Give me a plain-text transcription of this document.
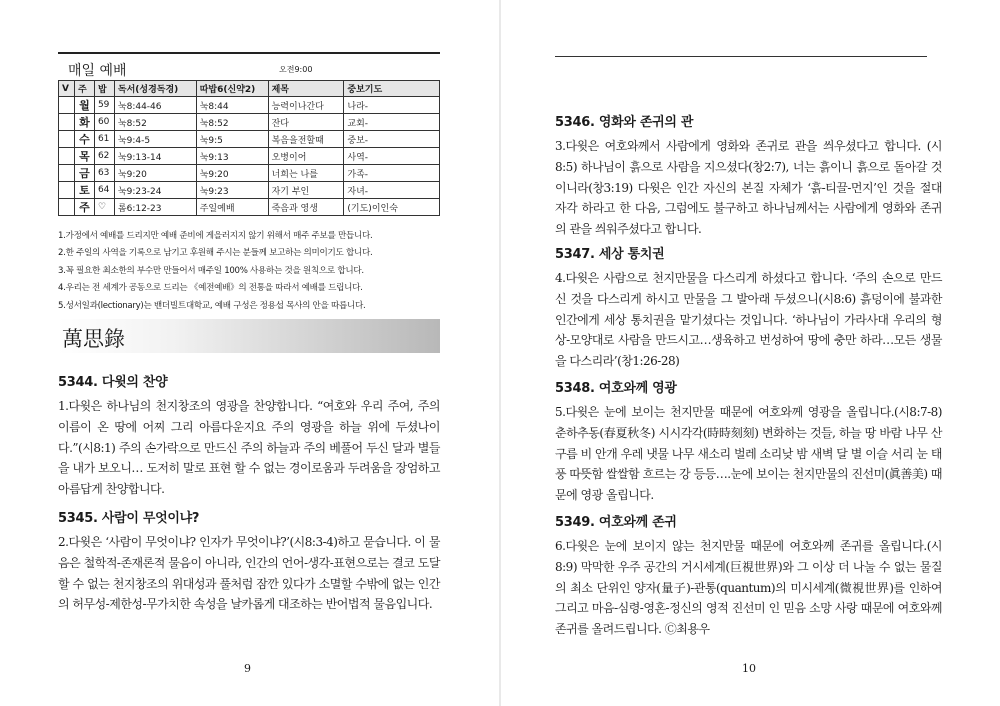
매일 예배	오전9:00
V	주	밥	독서(성경독경)	따밥6(신약2)	제목	중보기도
	월	59	눅8:44-46	눅8:44	능력이나간다	나라-
	화	60	눅8:52	눅8:52	잔다	교회-
	수	61	눅9:4-5	눅9:5	복음을전할때	중보-
	목	62	눅9:13-14	눅9:13	오병이어	사역-
	금	63	눅9:20	눅9:20	너희는 나를	가족-
	토	64	눅9:23-24	눅9:23	자기 부인	자녀-
	주	♡	롬6:12-23	주일예배	죽음과 영생	(기도)이인숙
1.가정에서 예배를 드리지만 예배 준비에 게을러지지 않기 위해서 매주 주보를 만듭니다.
2.한 주일의 사역을 기록으로 남기고 후원해 주시는 분들께 보고하는 의미이기도 합니다.
3.꼭 필요한 최소한의 부수만 만들어서 매주일 100% 사용하는 것을 원칙으로 합니다.
4.우리는 전 세계가 공동으로 드리는 《예전예배》의 전통을 따라서 예배를 드립니다.
5.성서일과(lectionary)는 밴더빌트대학교, 예배 구성은 정용섭 목사의 안을 따릅니다.
萬思錄
5344. 다윗의 찬양

1.다윗은 하나님의 천지창조의 영광을 찬양합니다. “여호와 우리 주여, 주의 이름이 온 땅에 어찌 그리 아름다운지요 주의 영광을 하늘 위에 두셨나이다.”(시8:1) 주의 손가락으로 만드신 주의 하늘과 주의 베풀어 두신 달과 별들을 내가 보오니… 도저히 말로 표현 할 수 없는 경이로움과 두려움을 장엄하고 아름답게 찬양합니다.

5345. 사람이 무엇이냐?

2.다윗은 ‘사람이 무엇이냐? 인자가 무엇이냐?’(시8:3-4)하고 묻습니다. 이 물음은 철학적-존재론적 물음이 아니라, 인간의 언어-생각-표현으로는 결코 도달할 수 없는 천지창조의 위대성과 풀처럼 잠깐 있다가 소멸할 수밖에 없는 인간의 허무성-제한성-무가치한 속성을 날카롭게 대조하는 반어법적 물음입니다.

9
5346. 영화와 존귀의 관

3.다윗은 여호와께서 사람에게 영화와 존귀로 관을 씌우셨다고 합니다. (시8:5) 하나님이 흙으로 사람을 지으셨다(창2:7), 너는 흙이니 흙으로 돌아갈 것이니라(창3:19) 다윗은 인간 자신의 본질 자체가 ‘흙-티끌-먼지’인 것을 절대 자각 하라고 한 다음, 그럼에도 불구하고 하나님께서는 사람에게 영화와 존귀의 관을 씌워주셨다고 합니다.

5347. 세상 통치권

4.다윗은 사람으로 천지만물을 다스리게 하셨다고 합니다. ‘주의 손으로 만드신 것을 다스리게 하시고 만물을 그 발아래 두셨으니(시8:6) 흙덩이에 불과한 인간에게 세상 통치권을 맡기셨다는 것입니다. ‘하나님이 가라사대 우리의 형상-모양대로 사람을 만드시고…생육하고 번성하여 땅에 충만 하라…모든 생물을 다스리라’(창1:26-28)

5348. 여호와께 영광

5.다윗은 눈에 보이는 천지만물 때문에 여호와께 영광을 올립니다.(시8:7-8) 춘하추동(春夏秋冬) 시시각각(時時刻刻) 변화하는 것들, 하늘 땅 바람 나무 산 구름 비 안개 우레 냇물 나무 새소리 벌레 소리낮 밤 새벽 달 별 이슬 서리 눈 태풍 따뜻함 쌀쌀함 흐르는 강 등등….눈에 보이는 천지만물의 진선미(眞善美) 때문에 영광 올립니다.

5349. 여호와께 존귀

6.다윗은 눈에 보이지 않는 천지만물 때문에 여호와께 존귀를 올립니다.(시8:9) 막막한 우주 공간의 거시세계(巨視世界)와 그 이상 더 나눌 수 없는 물질의 최소 단위인 양자(量子)-관통(quantum)의 미시세계(微視世界)를 인하여 그리고 마음-심령-영혼-정신의 영적 진선미 인 믿음 소망 사랑 때문에 여호와께 존귀를 올려드립니다. Ⓒ최용우

10
